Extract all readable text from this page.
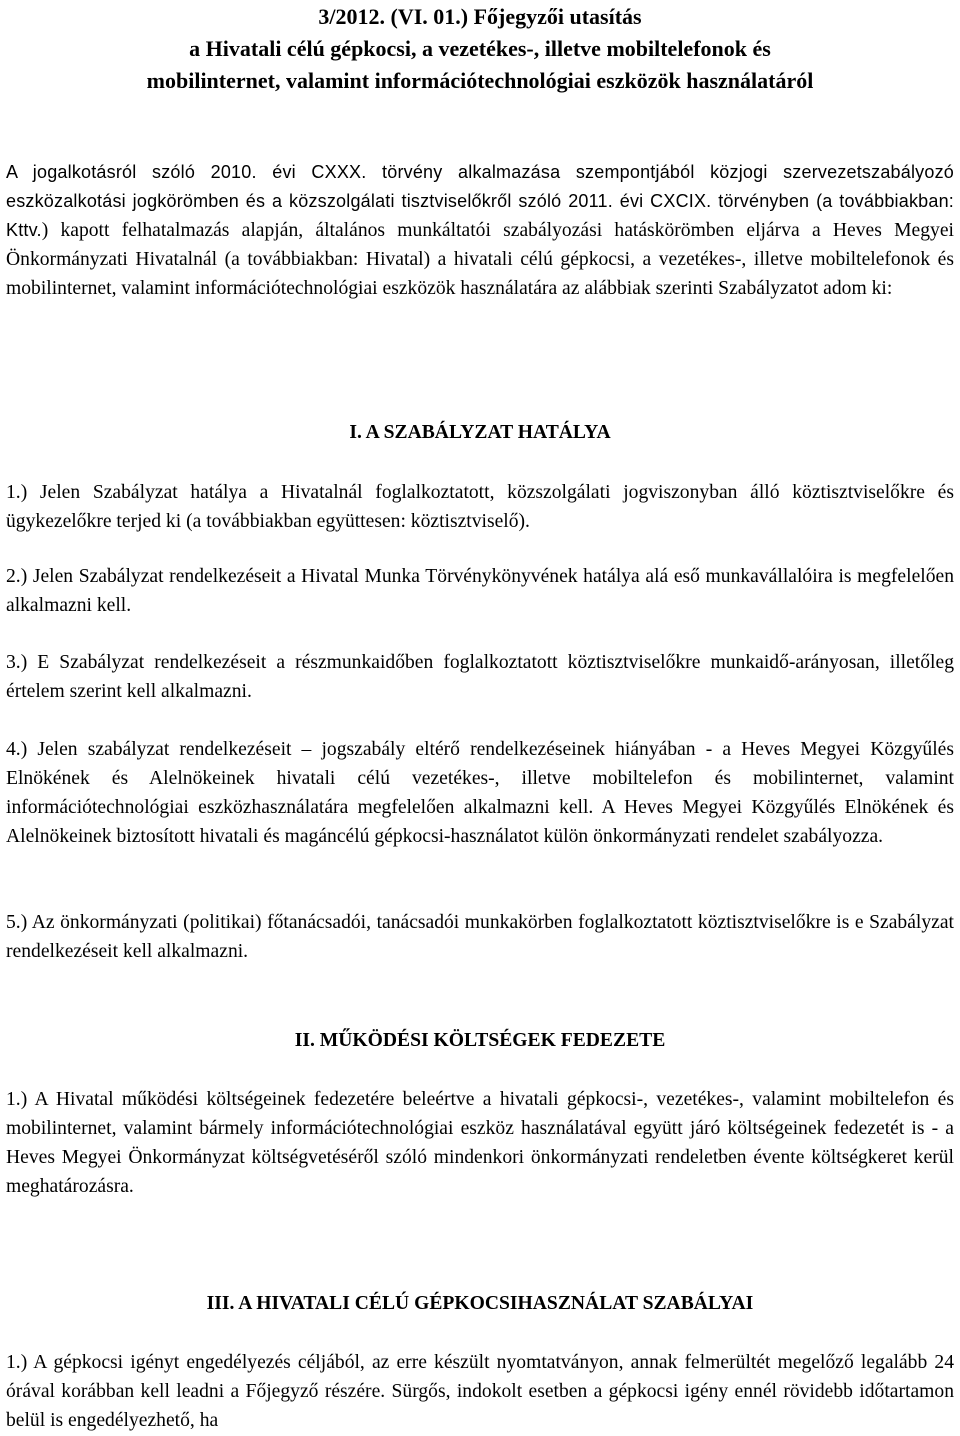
3/2012. (VI. 01.) Főjegyzői utasítás
a Hivatali célú gépkocsi, a vezetékes-, illetve mobiltelefonok és
mobilinternet, valamint információtechnológiai eszközök használatáról
A jogalkotásról szóló 2010. évi CXXX. törvény alkalmazása szempontjából közjogi szervezetszabályozó eszközalkotási jogkörömben és a közszolgálati tisztviselőkről szóló 2011. évi CXCIX. törvényben (a továbbiakban: Kttv.) kapott felhatalmazás alapján, általános munkáltatói szabályozási hatáskörömben eljárva a Heves Megyei Önkormányzati Hivatalnál (a továbbiakban: Hivatal) a hivatali célú gépkocsi, a vezetékes-, illetve mobiltelefonok és mobilinternet, valamint információtechnológiai eszközök használatára az alábbiak szerinti Szabályzatot adom ki:
I. A SZABÁLYZAT HATÁLYA
1.) Jelen Szabályzat hatálya a Hivatalnál foglalkoztatott, közszolgálati jogviszonyban álló köztisztviselőkre és ügykezelőkre terjed ki (a továbbiakban együttesen: köztisztviselő).
2.) Jelen Szabályzat rendelkezéseit a Hivatal Munka Törvénykönyvének hatálya alá eső munkavállalóira is megfelelően alkalmazni kell.
3.) E Szabályzat rendelkezéseit a részmunkaidőben foglalkoztatott köztisztviselőkre munkaidő-arányosan, illetőleg értelem szerint kell alkalmazni.
4.) Jelen szabályzat rendelkezéseit – jogszabály eltérő rendelkezéseinek hiányában - a Heves Megyei Közgyűlés Elnökének és Alelnökeinek hivatali célú vezetékes-, illetve mobiltelefon és mobilinternet, valamint információtechnológiai eszközhasználatára megfelelően alkalmazni kell. A Heves Megyei Közgyűlés Elnökének és Alelnökeinek biztosított hivatali és magáncélú gépkocsi-használatot külön önkormányzati rendelet szabályozza.
5.) Az önkormányzati (politikai) főtanácsadói, tanácsadói munkakörben foglalkoztatott köztisztviselőkre is e Szabályzat rendelkezéseit kell alkalmazni.
II. MŰKÖDÉSI KÖLTSÉGEK FEDEZETE
1.) A Hivatal működési költségeinek fedezetére beleértve a hivatali gépkocsi-, vezetékes-, valamint mobiltelefon és mobilinternet, valamint bármely információtechnológiai eszköz használatával együtt járó költségeinek fedezetét is - a Heves Megyei Önkormányzat költségvetéséről szóló mindenkori önkormányzati rendeletben évente költségkeret kerül meghatározásra.
III. A HIVATALI CÉLÚ GÉPKOCSIHASZNÁLAT SZABÁLYAI
1.) A gépkocsi igényt engedélyezés céljából, az erre készült nyomtatványon, annak felmerültét megelőző legalább 24 órával korábban kell leadni a Főjegyző részére. Sürgős, indokolt esetben a gépkocsi igény ennél rövidebb időtartamon belül is engedélyezhető, ha
